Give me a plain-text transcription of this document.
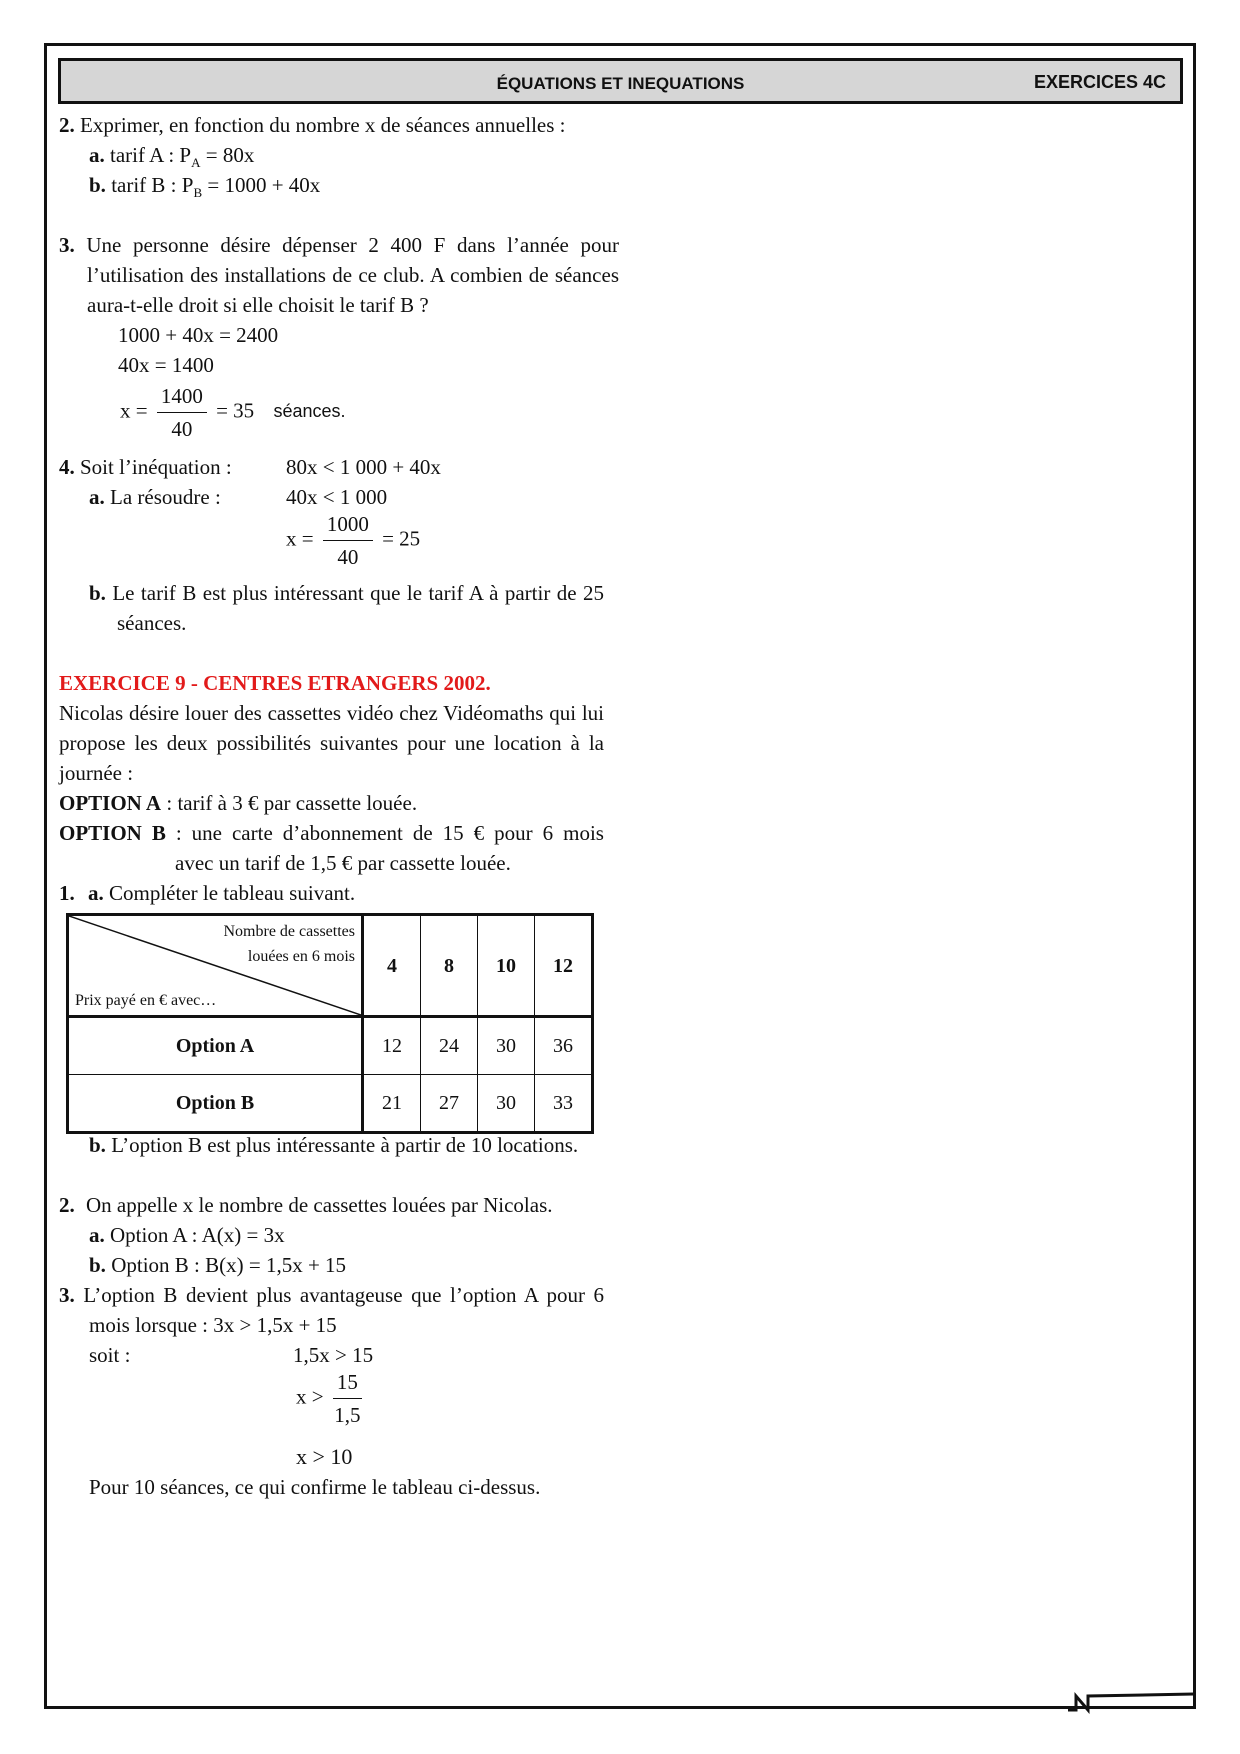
ÉQUATIONS ET INEQUATIONS	EXERCICES 4C
2. Exprimer, en fonction du nombre x de séances annuelles :
a. tarif A : $P_A = 80x$
b. tarif B : $P_B = 1000 + 40x$
3. Une personne désire dépenser 2 400 F dans l’année pour l’utilisation des installations de ce club. A combien de séances aura-t-elle droit si elle choisit le tarif B ?
1000 + 40x = 2400
40x = 1400
$x = \frac{1400}{40} = 35$ séances.
4. Soit l’inéquation :	80x < 1 000 + 40x
a. La résoudre :	40x < 1 000
$x = \frac{1000}{40} = 25$
b. Le tarif B est plus intéressant que le tarif A à partir de 25 séances.
EXERCICE 9 - CENTRES ETRANGERS 2002.
Nicolas désire louer des cassettes vidéo chez Vidéomaths qui lui propose les deux possibilités suivantes pour une location à la journée :
OPTION A : tarif à 3 € par cassette louée.
OPTION B : une carte d’abonnement de 15 € pour 6 mois
avec un tarif de 1,5 € par cassette louée.
1. a. Compléter le tableau suivant.
Nombre de cassettes louées en 6 mois
Prix payé en € avec…	4	8	10	12
Option A	12	24	30	36
Option B	21	27	30	33
b. L’option B est plus intéressante à partir de 10 locations.
2. On appelle x le nombre de cassettes louées par Nicolas.
a. Option A : A(x) = 3x
b. Option B : B(x) = 1,5x + 15
3. L’option B devient plus avantageuse que l’option A pour 6 mois lorsque : 3x > 1,5x + 15
soit :	1,5x > 15
$x > \frac{15}{1,5}$
x > 10
Pour 10 séances, ce qui confirme le tableau ci-dessus.
